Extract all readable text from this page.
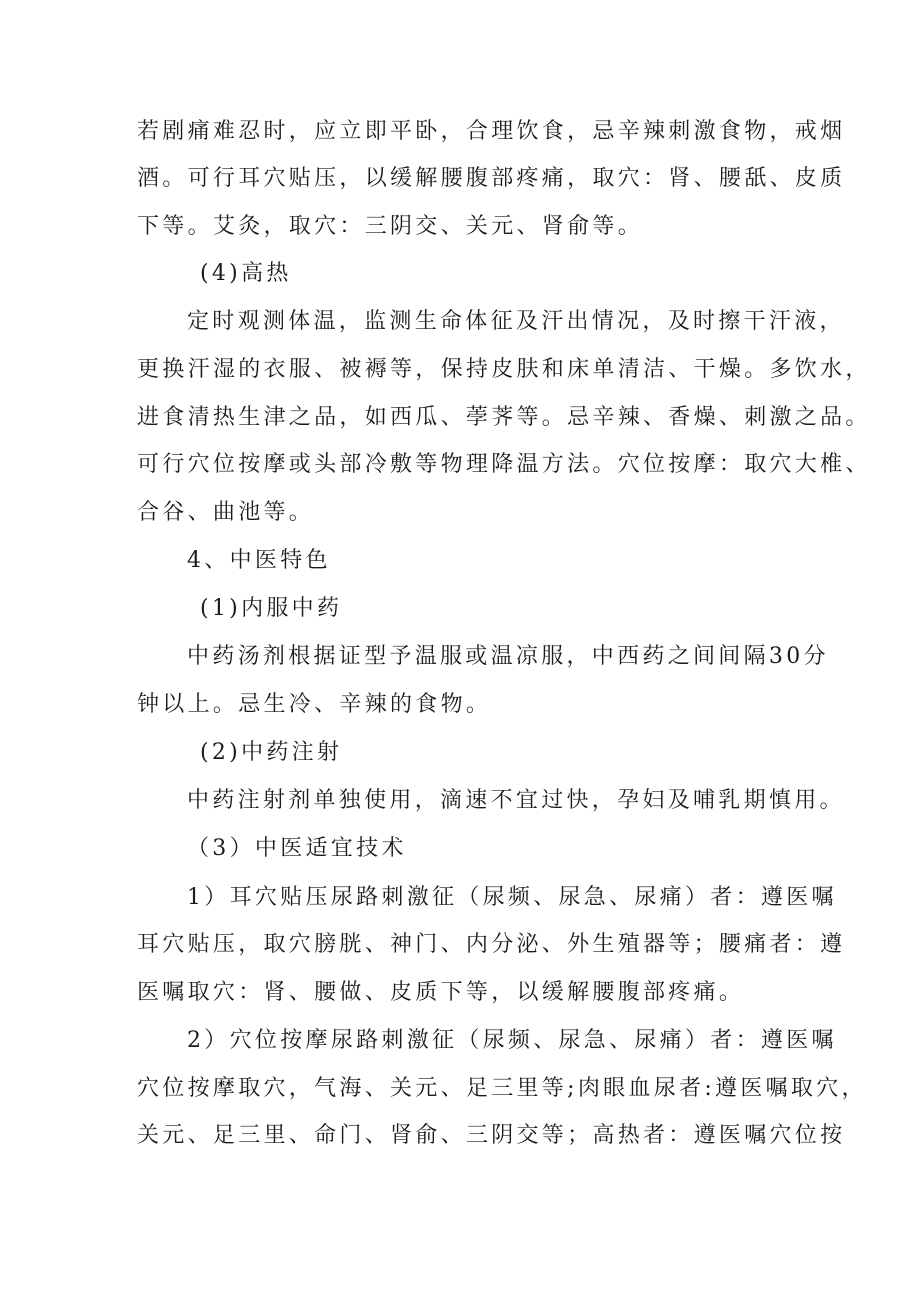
若剧痛难忍时，应立即平卧，合理饮食，忌辛辣刺激食物，戒烟
酒。可行耳穴贴压，以缓解腰腹部疼痛，取穴：肾、腰舐、皮质
下等。艾灸，取穴：三阴交、关元、肾俞等。
(4)高热
定时观测体温，监测生命体征及汗出情况，及时擦干汗液，
更换汗湿的衣服、被褥等，保持皮肤和床单清洁、干燥。多饮水，
进食清热生津之品，如西瓜、荸荠等。忌辛辣、香燥、刺激之品。
可行穴位按摩或头部冷敷等物理降温方法。穴位按摩：取穴大椎、
合谷、曲池等。
4、中医特色
(1)内服中药
中药汤剂根据证型予温服或温凉服，中西药之间间隔30分
钟以上。忌生冷、辛辣的食物。
(2)中药注射
中药注射剂单独使用，滴速不宜过快，孕妇及哺乳期慎用。
（3）中医适宜技术
1）耳穴贴压尿路刺激征（尿频、尿急、尿痛）者：遵医嘱
耳穴贴压，取穴膀胱、神门、内分泌、外生殖器等；腰痛者：遵
医嘱取穴：肾、腰做、皮质下等，以缓解腰腹部疼痛。
2）穴位按摩尿路刺激征（尿频、尿急、尿痛）者：遵医嘱
穴位按摩取穴，气海、关元、足三里等;肉眼血尿者:遵医嘱取穴，
关元、足三里、命门、肾俞、三阴交等；高热者：遵医嘱穴位按
